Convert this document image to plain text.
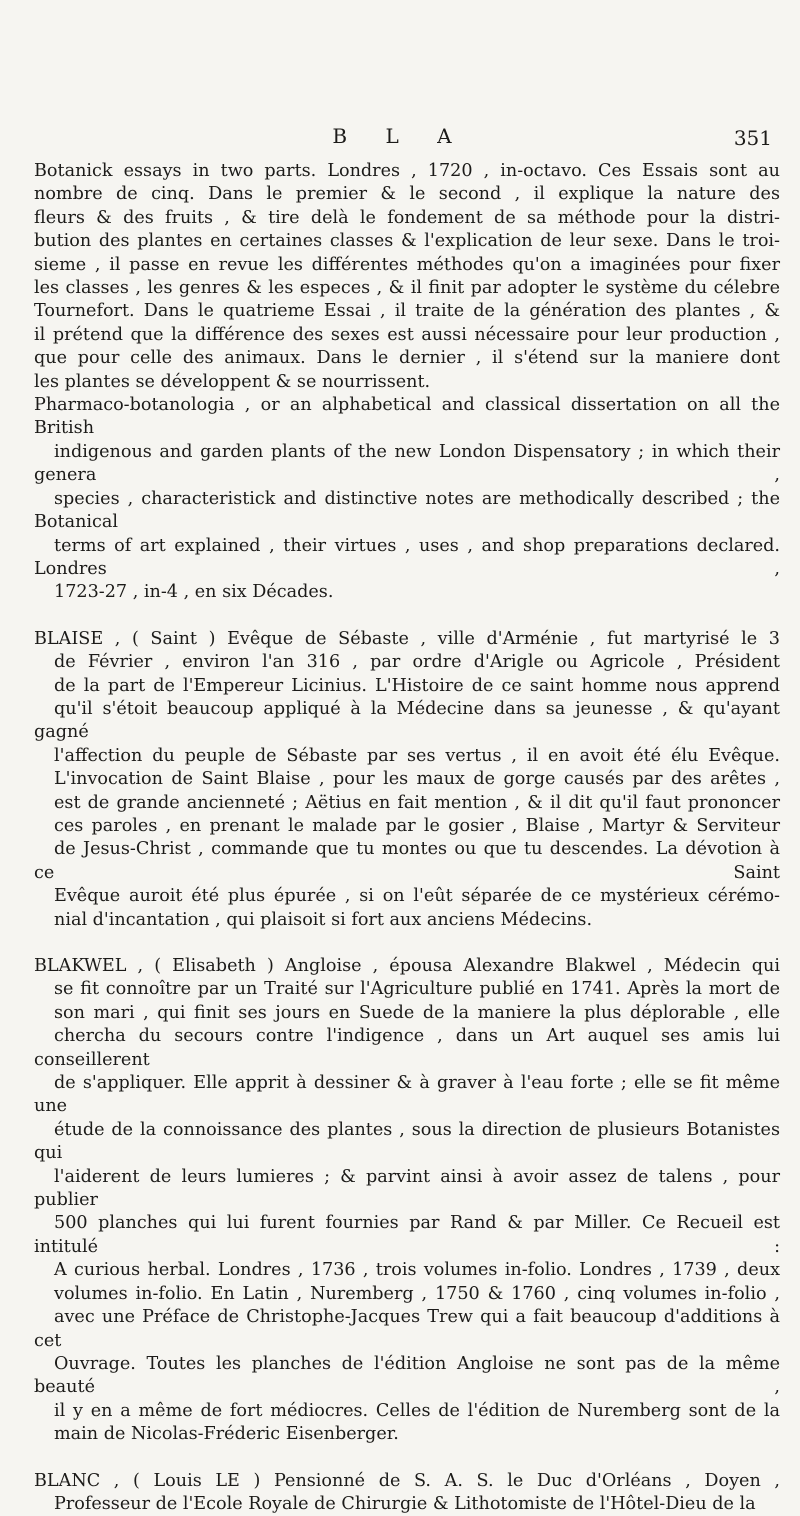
B L A	351

Botanick essays in two parts. Londres , 1720 , in-octavo. Ces Essais sont au
nombre de cinq. Dans le premier & le second , il explique la nature des
fleurs & des fruits , & tire delà le fondement de sa méthode pour la distri-
bution des plantes en certaines classes & l'explication de leur sexe. Dans le troi-
sieme , il passe en revue les différentes méthodes qu'on a imaginées pour fixer
les classes , les genres & les especes , & il finit par adopter le système du célebre
Tournefort. Dans le quatrieme Essai , il traite de la génération des plantes , &
il prétend que la différence des sexes est aussi nécessaire pour leur production ,
que pour celle des animaux. Dans le dernier , il s'étend sur la maniere dont
les plantes se développent & se nourrissent.

Pharmaco-botanologia , or an alphabetical and classical dissertation on all the British
indigenous and garden plants of the new London Dispensatory ; in which their genera ,
species , characteristick and distinctive notes are methodically described ; the Botanical
terms of art explained , their virtues , uses , and shop preparations declared. Londres ,
1723-27 , in-4 , en six Décades.

BLAISE , ( Saint ) Evêque de Sébaste , ville d'Arménie , fut martyrisé le 3
de Février , environ l'an 316 , par ordre d'Arigle ou Agricole , Président
de la part de l'Empereur Licinius. L'Histoire de ce saint homme nous apprend
qu'il s'étoit beaucoup appliqué à la Médecine dans sa jeunesse , & qu'ayant gagné
l'affection du peuple de Sébaste par ses vertus , il en avoit été élu Evêque.
L'invocation de Saint Blaise , pour les maux de gorge causés par des arêtes ,
est de grande ancienneté ; Aëtius en fait mention , & il dit qu'il faut prononcer
ces paroles , en prenant le malade par le gosier , Blaise , Martyr & Serviteur
de Jesus-Christ , commande que tu montes ou que tu descendes. La dévotion à ce Saint
Evêque auroit été plus épurée , si on l'eût séparée de ce mystérieux cérémo-
nial d'incantation , qui plaisoit si fort aux anciens Médecins.

BLAKWEL , ( Elisabeth ) Angloise , épousa Alexandre Blakwel , Médecin qui
se fit connoître par un Traité sur l'Agriculture publié en 1741. Après la mort de
son mari , qui finit ses jours en Suede de la maniere la plus déplorable , elle
chercha du secours contre l'indigence , dans un Art auquel ses amis lui conseillerent
de s'appliquer. Elle apprit à dessiner & à graver à l'eau forte ; elle se fit même une
étude de la connoissance des plantes , sous la direction de plusieurs Botanistes qui
l'aiderent de leurs lumieres ; & parvint ainsi à avoir assez de talens , pour publier
500 planches qui lui furent fournies par Rand & par Miller. Ce Recueil est intitulé :
A curious herbal. Londres , 1736 , trois volumes in-folio. Londres , 1739 , deux
volumes in-folio. En Latin , Nuremberg , 1750 & 1760 , cinq volumes in-folio ,
avec une Préface de Christophe-Jacques Trew qui a fait beaucoup d'additions à cet
Ouvrage. Toutes les planches de l'édition Angloise ne sont pas de la même beauté ,
il y en a même de fort médiocres. Celles de l'édition de Nuremberg sont de la
main de Nicolas-Fréderic Eisenberger.

BLANC , ( Louis LE ) Pensionné de S. A. S. le Duc d'Orléans , Doyen ,
Professeur de l'Ecole Royale de Chirurgie & Lithotomiste de l'Hôtel-Dieu de la
